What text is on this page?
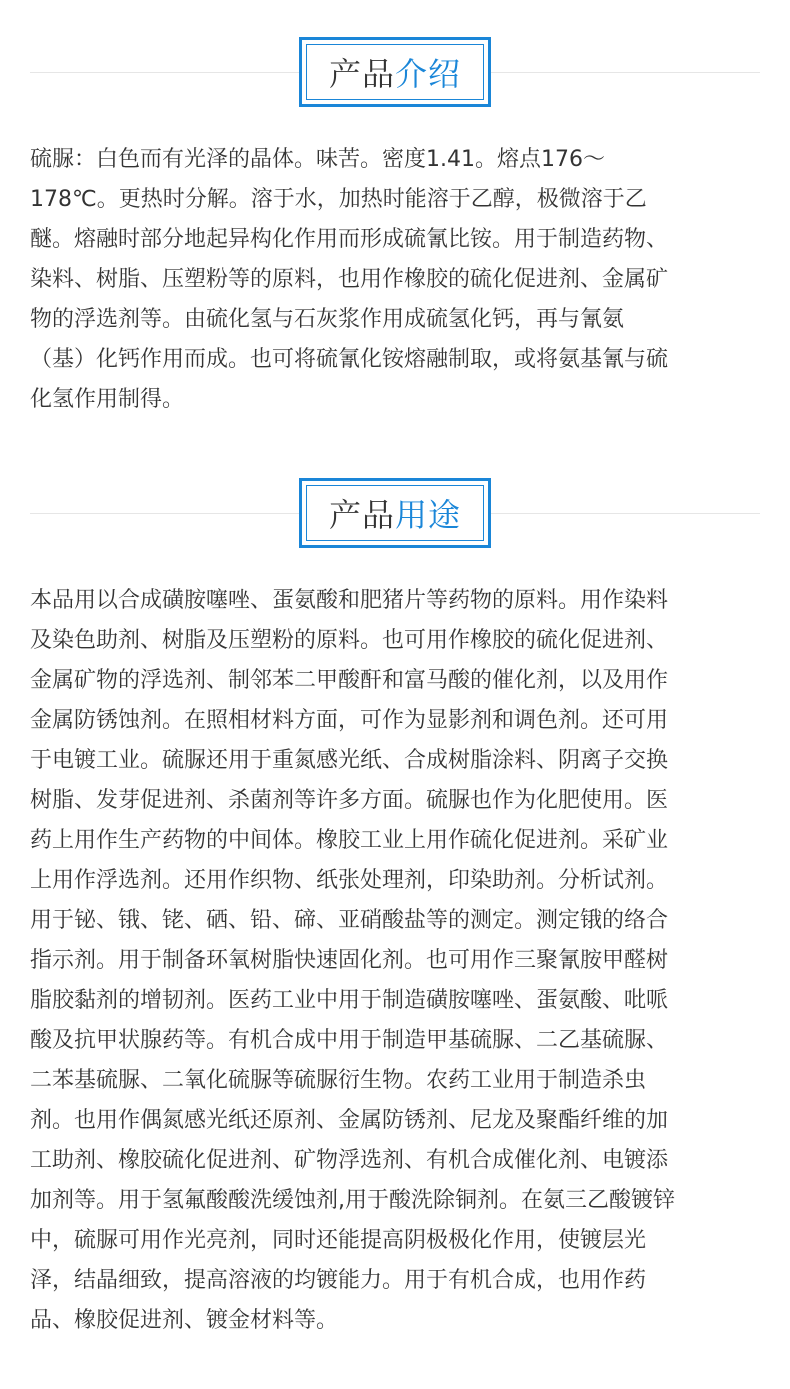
产品 介绍
硫脲：白色而有光泽的晶体。味苦。密度1.41。熔点176～
178℃。更热时分解。溶于水，加热时能溶于乙醇，极微溶于乙
醚。熔融时部分地起异构化作用而形成硫氰比铵。用于制造药物、
染料、树脂、压塑粉等的原料，也用作橡胶的硫化促进剂、金属矿
物的浮选剂等。由硫化氢与石灰浆作用成硫氢化钙，再与氰氨
（基）化钙作用而成。也可将硫氰化铵熔融制取，或将氨基氰与硫
化氢作用制得。
产品 用途
本品用以合成磺胺噻唑、蛋氨酸和肥猪片等药物的原料。用作染料
及染色助剂、树脂及压塑粉的原料。也可用作橡胶的硫化促进剂、
金属矿物的浮选剂、制邻苯二甲酸酐和富马酸的催化剂，以及用作
金属防锈蚀剂。在照相材料方面，可作为显影剂和调色剂。还可用
于电镀工业。硫脲还用于重氮感光纸、合成树脂涂料、阴离子交换
树脂、发芽促进剂、杀菌剂等许多方面。硫脲也作为化肥使用。医
药上用作生产药物的中间体。橡胶工业上用作硫化促进剂。采矿业
上用作浮选剂。还用作织物、纸张处理剂，印染助剂。分析试剂。
用于铋、锇、铑、硒、铅、碲、亚硝酸盐等的测定。测定锇的络合
指示剂。用于制备环氧树脂快速固化剂。也可用作三聚氰胺甲醛树
脂胶黏剂的增韧剂。医药工业中用于制造磺胺噻唑、蛋氨酸、吡哌
酸及抗甲状腺药等。有机合成中用于制造甲基硫脲、二乙基硫脲、
二苯基硫脲、二氧化硫脲等硫脲衍生物。农药工业用于制造杀虫
剂。也用作偶氮感光纸还原剂、金属防锈剂、尼龙及聚酯纤维的加
工助剂、橡胶硫化促进剂、矿物浮选剂、有机合成催化剂、电镀添
加剂等。用于氢氟酸酸洗缓蚀剂,用于酸洗除铜剂。在氨三乙酸镀锌
中，硫脲可用作光亮剂，同时还能提高阴极极化作用，使镀层光
泽，结晶细致，提高溶液的均镀能力。用于有机合成，也用作药
品、橡胶促进剂、镀金材料等。
